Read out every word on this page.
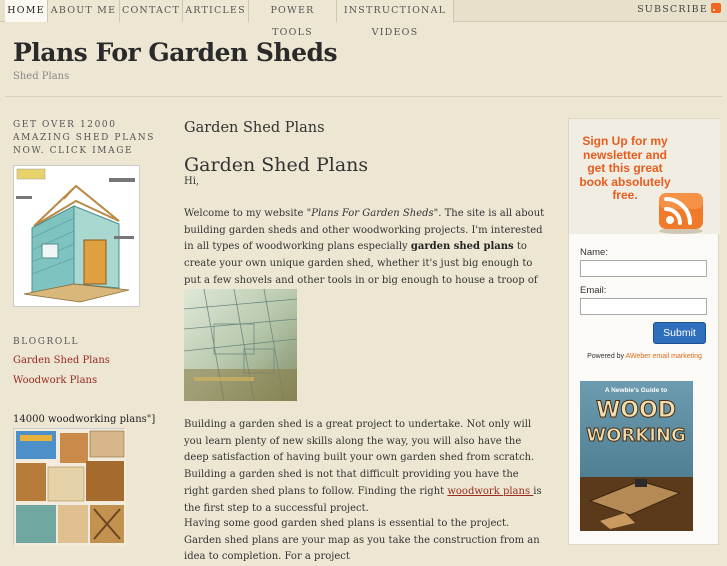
HOME ABOUT ME CONTACT ARTICLES	POWER TOOLS
INSTRUCTIONAL VIDEOS
SUBSCRIBE
Plans For Garden Sheds
Shed Plans
GET OVER 12000 AMAZING SHED PLANS NOW. CLICK IMAGE
BLOGROLL
Garden Shed Plans
Woodwork Plans
14000 woodworking plans"]
Garden Shed Plans
Garden Shed Plans
Hi,
Welcome to my website "Plans For Garden Sheds". The site is all about building garden sheds and other woodworking projects. I'm interested in all types of woodworking plans especially garden shed plans to create your own unique garden shed, whether it's just big enough to put a few shovels and other tools in or big enough to house a troop of
Building a garden shed is a great project to undertake. Not only will you learn plenty of new skills along the way, you will also have the deep satisfaction of having built your own garden shed from scratch. Building a garden shed is not that difficult providing you have the right garden shed plans to follow. Finding the right woodwork plans is the first step to a successful project.
Having some good garden shed plans is essential to the project. Garden shed plans are your map as you take the construction from an idea to completion. For a project
Sign Up for my newsletter and get this great book absolutely free.
Name:
Email:
Submit
Powered by AWeber email marketing
A Newbie's Guide to
WOOD
WORKING
